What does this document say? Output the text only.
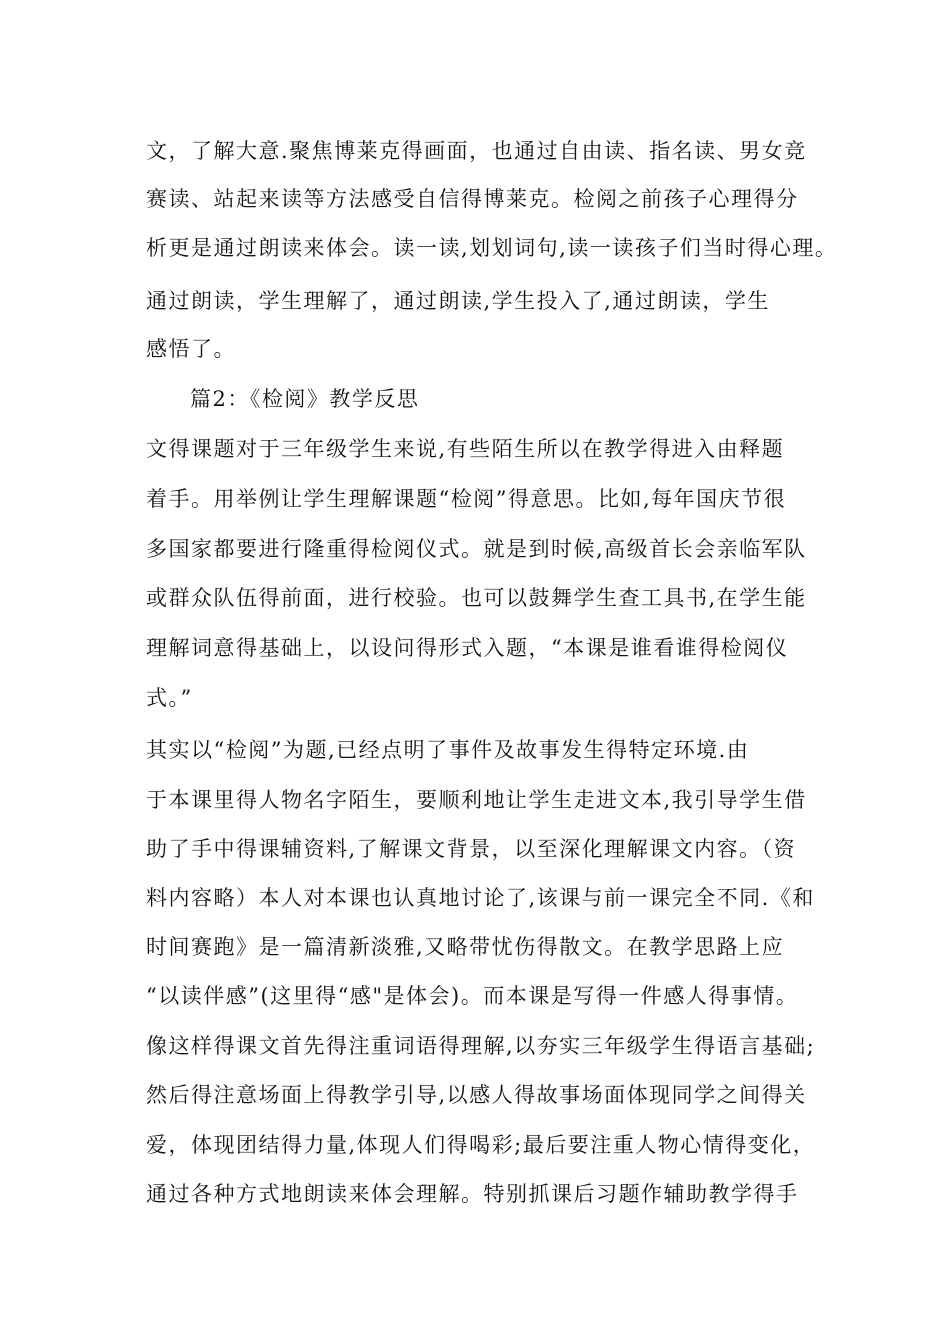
文，了解大意.聚焦博莱克得画面，也通过自由读、指名读、男女竞
赛读、站起来读等方法感受自信得博莱克。检阅之前孩子心理得分
析更是通过朗读来体会。读一读,划划词句,读一读孩子们当时得心理。
通过朗读，学生理解了，通过朗读,学生投入了,通过朗读，学生
感悟了。
篇2：《检阅》教学反思
文得课题对于三年级学生来说,有些陌生所以在教学得进入由释题
着手。用举例让学生理解课题“检阅”得意思。比如,每年国庆节很
多国家都要进行隆重得检阅仪式。就是到时候,高级首长会亲临军队
或群众队伍得前面，进行校验。也可以鼓舞学生查工具书,在学生能
理解词意得基础上，以设问得形式入题，“本课是谁看谁得检阅仪
式。”
其实以“检阅”为题,已经点明了事件及故事发生得特定环境.由
于本课里得人物名字陌生，要顺利地让学生走进文本,我引导学生借
助了手中得课辅资料,了解课文背景，以至深化理解课文内容。（资
料内容略）本人对本课也认真地讨论了,该课与前一课完全不同.《和
时间赛跑》是一篇清新淡雅,又略带忧伤得散文。在教学思路上应
“以读伴感”(这里得“感"是体会)。而本课是写得一件感人得事情。
像这样得课文首先得注重词语得理解,以夯实三年级学生得语言基础;
然后得注意场面上得教学引导,以感人得故事场面体现同学之间得关
爱，体现团结得力量,体现人们得喝彩;最后要注重人物心情得变化，
通过各种方式地朗读来体会理解。特别抓课后习题作辅助教学得手
